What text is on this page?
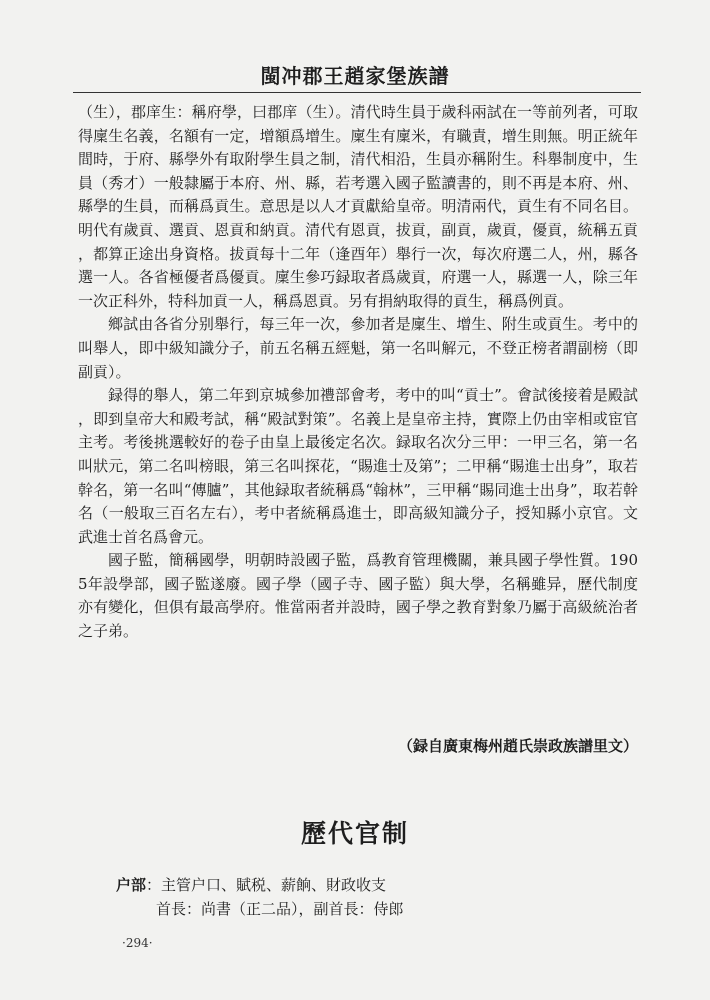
閩冲郡王趙家堡族譜

（生），郡庠生：稱府學，曰郡庠（生）。清代時生員于歲科兩試在一等前列者，可取得廩生名義，名額有一定，增額爲增生。廩生有廩米，有職責，增生則無。明正統年間時，于府、縣學外有取附學生員之制，清代相沿，生員亦稱附生。科舉制度中，生員（秀才）一般隸屬于本府、州、縣，若考選入國子監讀書的，則不再是本府、州、縣學的生員，而稱爲貢生。意思是以人才貢獻給皇帝。明清兩代，貢生有不同名目。明代有歲貢、選貢、恩貢和納貢。清代有恩貢，拔貢，副貢，歲貢，優貢，統稱五貢，都算正途出身資格。拔貢每十二年（逢酉年）舉行一次，每次府選二人，州，縣各選一人。各省極優者爲優貢。廩生參巧録取者爲歲貢，府選一人，縣選一人，除三年一次正科外，特科加貢一人，稱爲恩貢。另有捐納取得的貢生，稱爲例貢。

鄉試由各省分别舉行，每三年一次，參加者是廩生、增生、附生或貢生。考中的叫舉人，即中級知識分子，前五名稱五經魁，第一名叫解元，不登正榜者謂副榜（即副貢）。

録得的舉人，第二年到京城參加禮部會考，考中的叫“貢士”。會試後接着是殿試，即到皇帝大和殿考試，稱“殿試對策”。名義上是皇帝主持，實際上仍由宰相或宦官主考。考後挑選較好的卷子由皇上最後定名次。録取名次分三甲：一甲三名，第一名叫狀元，第二名叫榜眼，第三名叫探花，“賜進士及第”；二甲稱“賜進士出身”，取若幹名，第一名叫“傳臚”，其他録取者統稱爲“翰林”，三甲稱“賜同進士出身”，取若幹名（一般取三百名左右），考中者統稱爲進士，即高級知識分子，授知縣小京官。文武進士首名爲會元。

國子監，簡稱國學，明朝時設國子監，爲教育管理機關，兼具國子學性質。1905年設學部，國子監遂廢。國子學（國子寺、國子監）與大學，名稱雖异，歷代制度亦有變化，但俱有最高學府。惟當兩者并設時，國子學之教育對象乃屬于高級統治者之子弟。

（録自廣東梅州趙氏崇政族譜里文）
歷代官制
户部：主管户口、賦税、薪餉、財政收支
首長：尚書（正二品），副首長：侍郎
·294·
